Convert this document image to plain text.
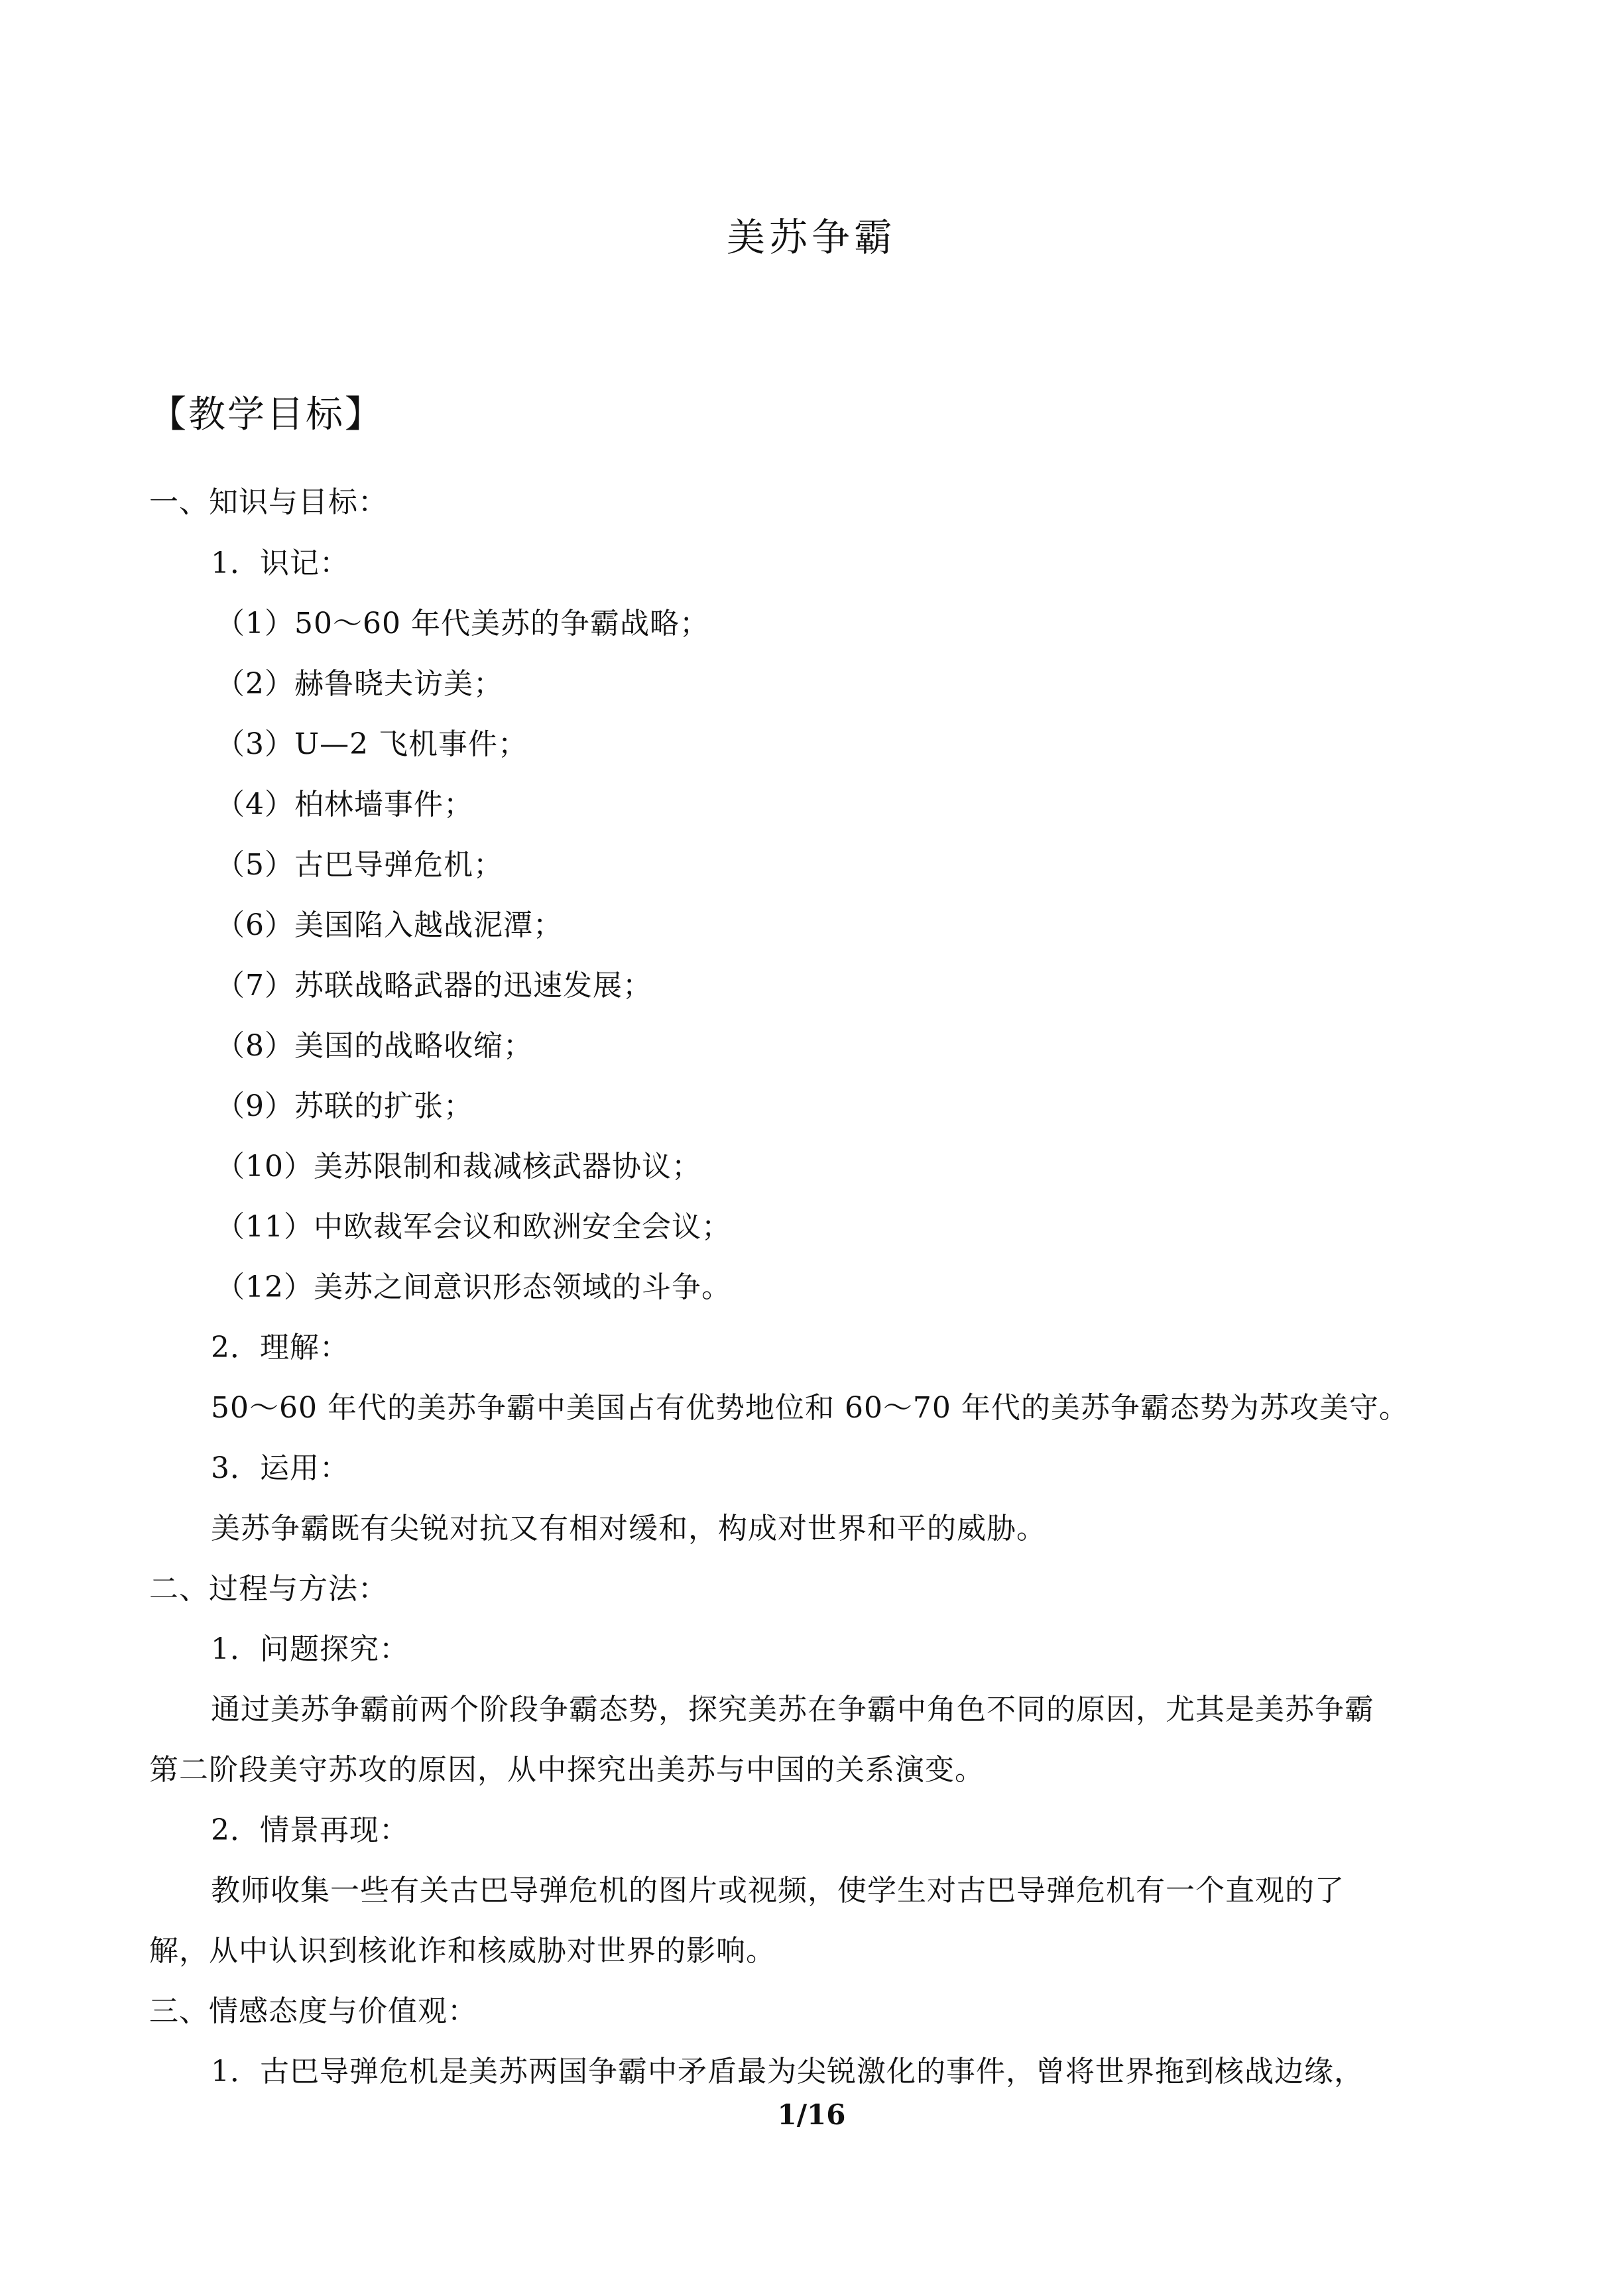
美苏争霸
【教学目标】
一、知识与目标：
1．识记：
（1）50～60 年代美苏的争霸战略；
（2）赫鲁晓夫访美；
（3）U—2 飞机事件；
（4）柏林墙事件；
（5）古巴导弹危机；
（6）美国陷入越战泥潭；
（7）苏联战略武器的迅速发展；
（8）美国的战略收缩；
（9）苏联的扩张；
（10）美苏限制和裁减核武器协议；
（11）中欧裁军会议和欧洲安全会议；
（12）美苏之间意识形态领域的斗争。
2．理解：
50～60 年代的美苏争霸中美国占有优势地位和 60～70 年代的美苏争霸态势为苏攻美守。
3．运用：
美苏争霸既有尖锐对抗又有相对缓和，构成对世界和平的威胁。
二、过程与方法：
1．问题探究：
通过美苏争霸前两个阶段争霸态势，探究美苏在争霸中角色不同的原因，尤其是美苏争霸
第二阶段美守苏攻的原因，从中探究出美苏与中国的关系演变。
2．情景再现：
教师收集一些有关古巴导弹危机的图片或视频，使学生对古巴导弹危机有一个直观的了
解，从中认识到核讹诈和核威胁对世界的影响。
三、情感态度与价值观：
1．古巴导弹危机是美苏两国争霸中矛盾最为尖锐激化的事件，曾将世界拖到核战边缘，
1/16
